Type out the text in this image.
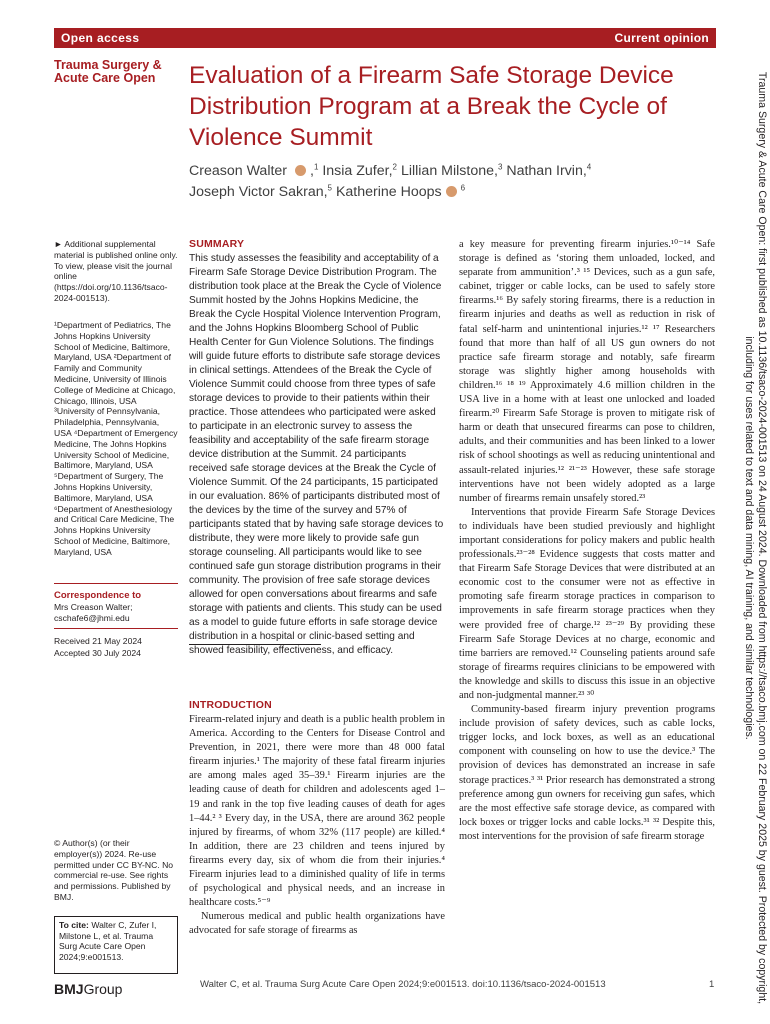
Open access	Current opinion
Trauma Surgery & Acute Care Open	Evaluation of a Firearm Safe Storage Device Distribution Program at a Break the Cycle of Violence Summit
Creason Walter ,$^1$ Insia Zufer,$^2$ Lillian Milstone,$^3$ Nathan Irvin,$^4$
Joseph Victor Sakran,$^5$ Katherine Hoops $^6$
► Additional supplemental material is published online only. To view, please visit the journal online (https://doi.org/10.1136/tsaco-2024-001513).
¹Department of Pediatrics, The Johns Hopkins University School of Medicine, Baltimore, Maryland, USA ²Department of Family and Community Medicine, University of Illinois College of Medicine at Chicago, Chicago, Illinois, USA ³University of Pennsylvania, Philadelphia, Pennsylvania, USA ⁴Department of Emergency Medicine, The Johns Hopkins University School of Medicine, Baltimore, Maryland, USA ⁵Department of Surgery, The Johns Hopkins University, Baltimore, Maryland, USA ⁶Department of Anesthesiology and Critical Care Medicine, The Johns Hopkins University School of Medicine, Baltimore, Maryland, USA
Correspondence to
Mrs Creason Walter; cschafe6@jhmi.edu
Received 21 May 2024
Accepted 30 July 2024
© Author(s) (or their employer(s)) 2024. Re-use permitted under CC BY-NC. No commercial re-use. See rights and permissions. Published by BMJ.
To cite: Walter C, Zufer I, Milstone L, et al. Trauma Surg Acute Care Open 2024;9:e001513.
SUMMARY
This study assesses the feasibility and acceptability of a Firearm Safe Storage Device Distribution Program. The distribution took place at the Break the Cycle of Violence Summit hosted by the Johns Hopkins Medicine, the Break the Cycle Hospital Violence Intervention Program, and the Johns Hopkins Bloomberg School of Public Health Center for Gun Violence Solutions. The findings will guide future efforts to distribute safe storage devices in clinical settings. Attendees of the Break the Cycle of Violence Summit could choose from three types of safe storage devices to provide to their patients within their practice. Those attendees who participated were asked to participate in an electronic survey to assess the feasibility and acceptability of the safe firearm storage device distribution at the Summit. 24 participants received safe storage devices at the Break the Cycle of Violence Summit. Of the 24 participants, 15 participated in our evaluation. 86% of participants distributed most of the devices by the time of the survey and 57% of participants stated that by having safe storage devices to distribute, they were more likely to provide safe gun storage counseling. All participants would like to see continued safe gun storage distribution programs in their community. The provision of free safe storage devices allowed for open conversations about firearms and safe storage with patients and clients. This study can be used as a model to guide future efforts in safe storage device distribution in a hospital or clinic-based setting and showed feasibility, effectiveness, and efficacy.
INTRODUCTION

Firearm-related injury and death is a public health problem in America. According to the Centers for Disease Control and Prevention, in 2021, there were more than 48 000 fatal firearm injuries.¹ The majority of these fatal firearm injuries are among males aged 35–39.¹ Firearm injuries are the leading cause of death for children and adolescents aged 1–19 and rank in the top five leading causes of death for ages 1–44.² ³ Every day, in the USA, there are around 362 people injured by firearms, of whom 32% (117 people) are killed.⁴ In addition, there are 23 children and teens injured by firearms every day, six of whom die from their injuries.⁴ Firearm injuries lead to a diminished quality of life in terms of psychological and physical needs, and an increase in healthcare costs.⁵⁻⁹

Numerous medical and public health organizations have advocated for safe storage of firearms as

a key measure for preventing firearm injuries.¹⁰⁻¹⁴ Safe storage is defined as ‘storing them unloaded, locked, and separate from ammunition’.³ ¹⁵ Devices, such as a gun safe, cabinet, trigger or cable locks, can be used to safely store firearms.¹⁶ By safely storing firearms, there is a reduction in firearm injuries and deaths as well as reduction in risk of fatal self-harm and unintentional injuries.¹² ¹⁷ Researchers found that more than half of all US gun owners do not practice safe firearm storage and notably, safe firearm storage was slightly higher among households with children.¹⁶ ¹⁸ ¹⁹ Approximately 4.6 million children in the USA live in a home with at least one unlocked and loaded firearm.²⁰ Firearm Safe Storage is proven to mitigate risk of harm or death that unsecured firearms can pose to children, adults, and their communities and has been linked to a lower risk of school shootings as well as reducing unintentional and assault-related injuries.¹² ²¹⁻²³ However, these safe storage interventions have not been widely adopted as a large number of firearms remain unsafely stored.²³

Interventions that provide Firearm Safe Storage Devices to individuals have been studied previously and highlight important considerations for policy makers and public health professionals.²³⁻²⁸ Evidence suggests that costs matter and that Firearm Safe Storage Devices that were distributed at an economic cost to the consumer were not as effective in promoting safe firearm storage practices in comparison to improvements in safe firearm storage practices when they were provided free of charge.¹² ²³⁻²⁹ By providing these Firearm Safe Storage Devices at no charge, economic and time barriers are removed.¹² Counseling patients around safe storage of firearms requires clinicians to be empowered with the knowledge and skills to discuss this issue in an objective and non-judgmental manner.²³ ³⁰

Community-based firearm injury prevention programs include provision of safety devices, such as cable locks, trigger locks, and lock boxes, as well as an educational component with counseling on how to use the device.³ The provision of devices has demonstrated an increase in safe storage practices.³ ³¹ Prior research has demonstrated a strong preference among gun owners for receiving gun safes, which are the most effective safe storage device, as compared with lock boxes or trigger locks and cable locks.³¹ ³² Despite this, most interventions for the provision of safe firearm storage	Trauma Surgery & Acute Care Open: first published as 10.1136/tsaco-2024-001513 on 24 August 2024. Downloaded from https://tsaco.bmj.com on 22 February 2025 by guest. Protected by copyright, including for uses related to text and data mining, AI training, and similar technologies.
BMJGroup	Walter C, et al. Trauma Surg Acute Care Open 2024;9:e001513. doi:10.1136/tsaco-2024-001513	1
